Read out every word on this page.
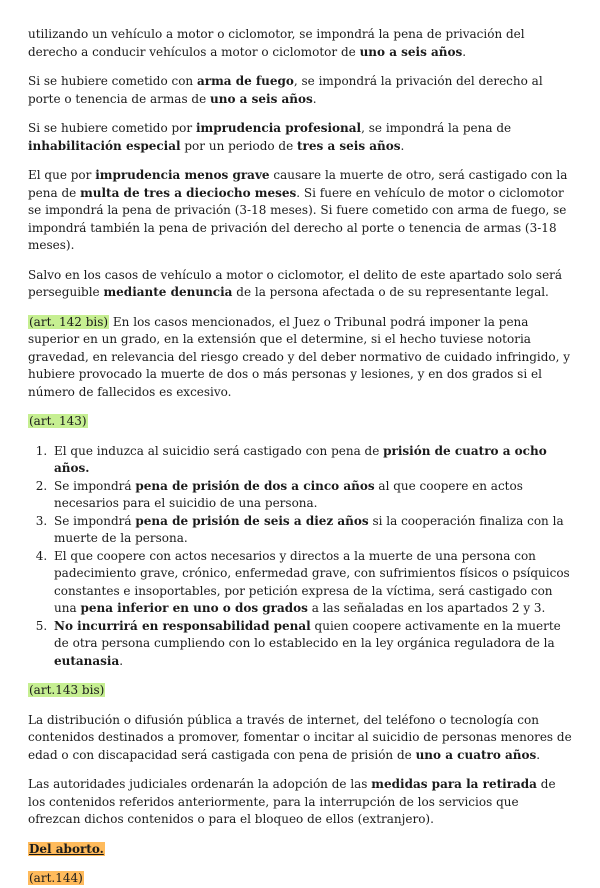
utilizando un vehículo a motor o ciclomotor, se impondrá la pena de privación del derecho a conducir vehículos a motor o ciclomotor de uno a seis años.

Si se hubiere cometido con arma de fuego, se impondrá la privación del derecho al porte o tenencia de armas de uno a seis años.

Si se hubiere cometido por imprudencia profesional, se impondrá la pena de inhabilitación especial por un periodo de tres a seis años.

El que por imprudencia menos grave causare la muerte de otro, será castigado con la pena de multa de tres a dieciocho meses. Si fuere en vehículo de motor o ciclomotor se impondrá la pena de privación (3-18 meses). Si fuere cometido con arma de fuego, se impondrá también la pena de privación del derecho al porte o tenencia de armas (3-18 meses).

Salvo en los casos de vehículo a motor o ciclomotor, el delito de este apartado solo será perseguible mediante denuncia de la persona afectada o de su representante legal.

(art. 142 bis) En los casos mencionados, el Juez o Tribunal podrá imponer la pena superior en un grado, en la extensión que el determine, si el hecho tuviese notoria gravedad, en relevancia del riesgo creado y del deber normativo de cuidado infringido, y hubiere provocado la muerte de dos o más personas y lesiones, y en dos grados si el número de fallecidos es excesivo.

(art. 143)

1. El que induzca al suicidio será castigado con pena de prisión de cuatro a ocho años.
2. Se impondrá pena de prisión de dos a cinco años al que coopere en actos necesarios para el suicidio de una persona.
3. Se impondrá pena de prisión de seis a diez años si la cooperación finaliza con la muerte de la persona.
4. El que coopere con actos necesarios y directos a la muerte de una persona con padecimiento grave, crónico, enfermedad grave, con sufrimientos físicos o psíquicos constantes e insoportables, por petición expresa de la víctima, será castigado con una pena inferior en uno o dos grados a las señaladas en los apartados 2 y 3.
5. No incurrirá en responsabilidad penal quien coopere activamente en la muerte de otra persona cumpliendo con lo establecido en la ley orgánica reguladora de la eutanasia.

(art.143 bis)

La distribución o difusión pública a través de internet, del teléfono o tecnología con contenidos destinados a promover, fomentar o incitar al suicidio de personas menores de edad o con discapacidad será castigada con pena de prisión de uno a cuatro años.

Las autoridades judiciales ordenarán la adopción de las medidas para la retirada de los contenidos referidos anteriormente, para la interrupción de los servicios que ofrezcan dichos contenidos o para el bloqueo de ellos (extranjero).

Del aborto.

(art.144)
